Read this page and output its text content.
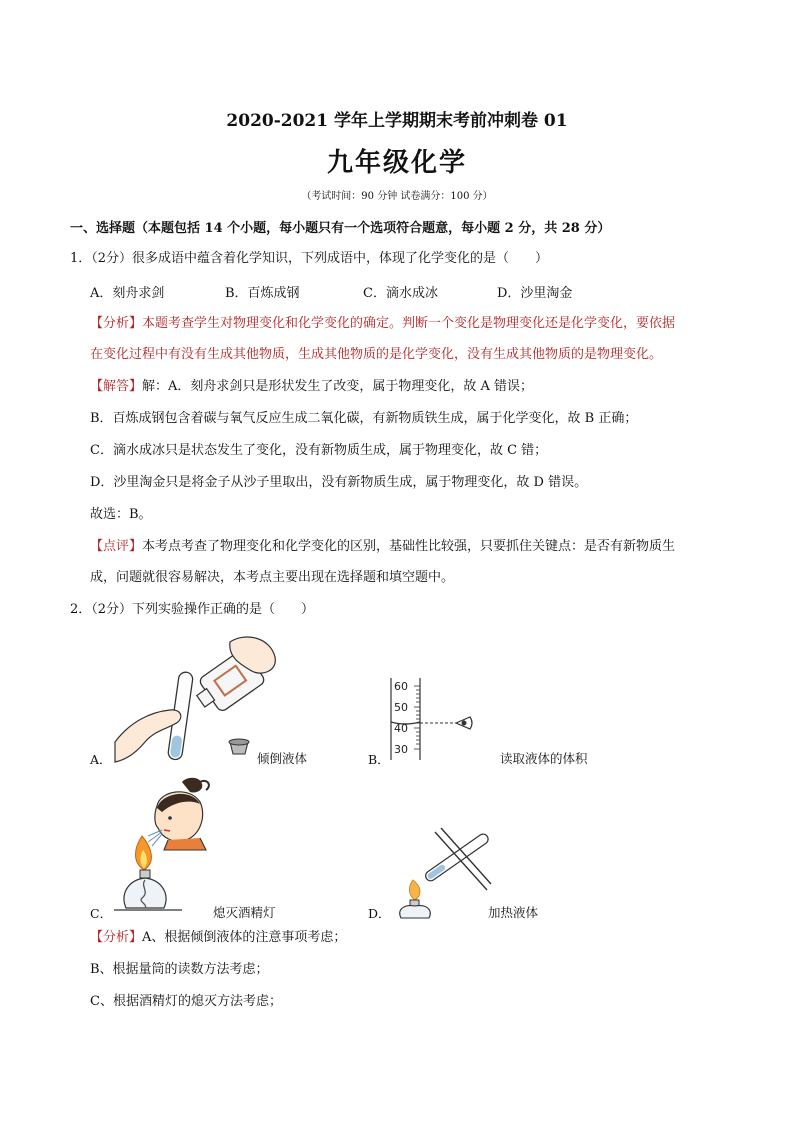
2020-2021 学年上学期期末考前冲刺卷 01
九年级化学
（考试时间：90 分钟 试卷满分：100 分）
一、选择题（本题包括 14 个小题，每小题只有一个选项符合题意，每小题 2 分，共 28 分）
1．（2分）很多成语中蕴含着化学知识，下列成语中，体现了化学变化的是（　　）
A．刻舟求剑	B．百炼成钢	C．滴水成冰	D．沙里淘金
【分析】本题考查学生对物理变化和化学变化的确定。判断一个变化是物理变化还是化学变化，要依据
在变化过程中有没有生成其他物质，生成其他物质的是化学变化，没有生成其他物质的是物理变化。
【解答】解：A．刻舟求剑只是形状发生了改变，属于物理变化，故 A 错误；
B．百炼成钢包含着碳与氧气反应生成二氧化碳，有新物质铁生成，属于化学变化，故 B 正确；
C．滴水成冰只是状态发生了变化，没有新物质生成，属于物理变化，故 C 错；
D．沙里淘金只是将金子从沙子里取出，没有新物质生成，属于物理变化，故 D 错误。
故选：B。
【点评】本考点考查了物理变化和化学变化的区别，基础性比较强，只要抓住关键点：是否有新物质生
成，问题就很容易解决，本考点主要出现在选择题和填空题中。
2．（2分）下列实验操作正确的是（　　）
A．	倾倒液体
60
50
40
30
B．	读取液体的体积
C．	熄灭酒精灯	D．	加热液体
【分析】A、根据倾倒液体的注意事项考虑；
B、根据量筒的读数方法考虑；
C、根据酒精灯的熄灭方法考虑；
